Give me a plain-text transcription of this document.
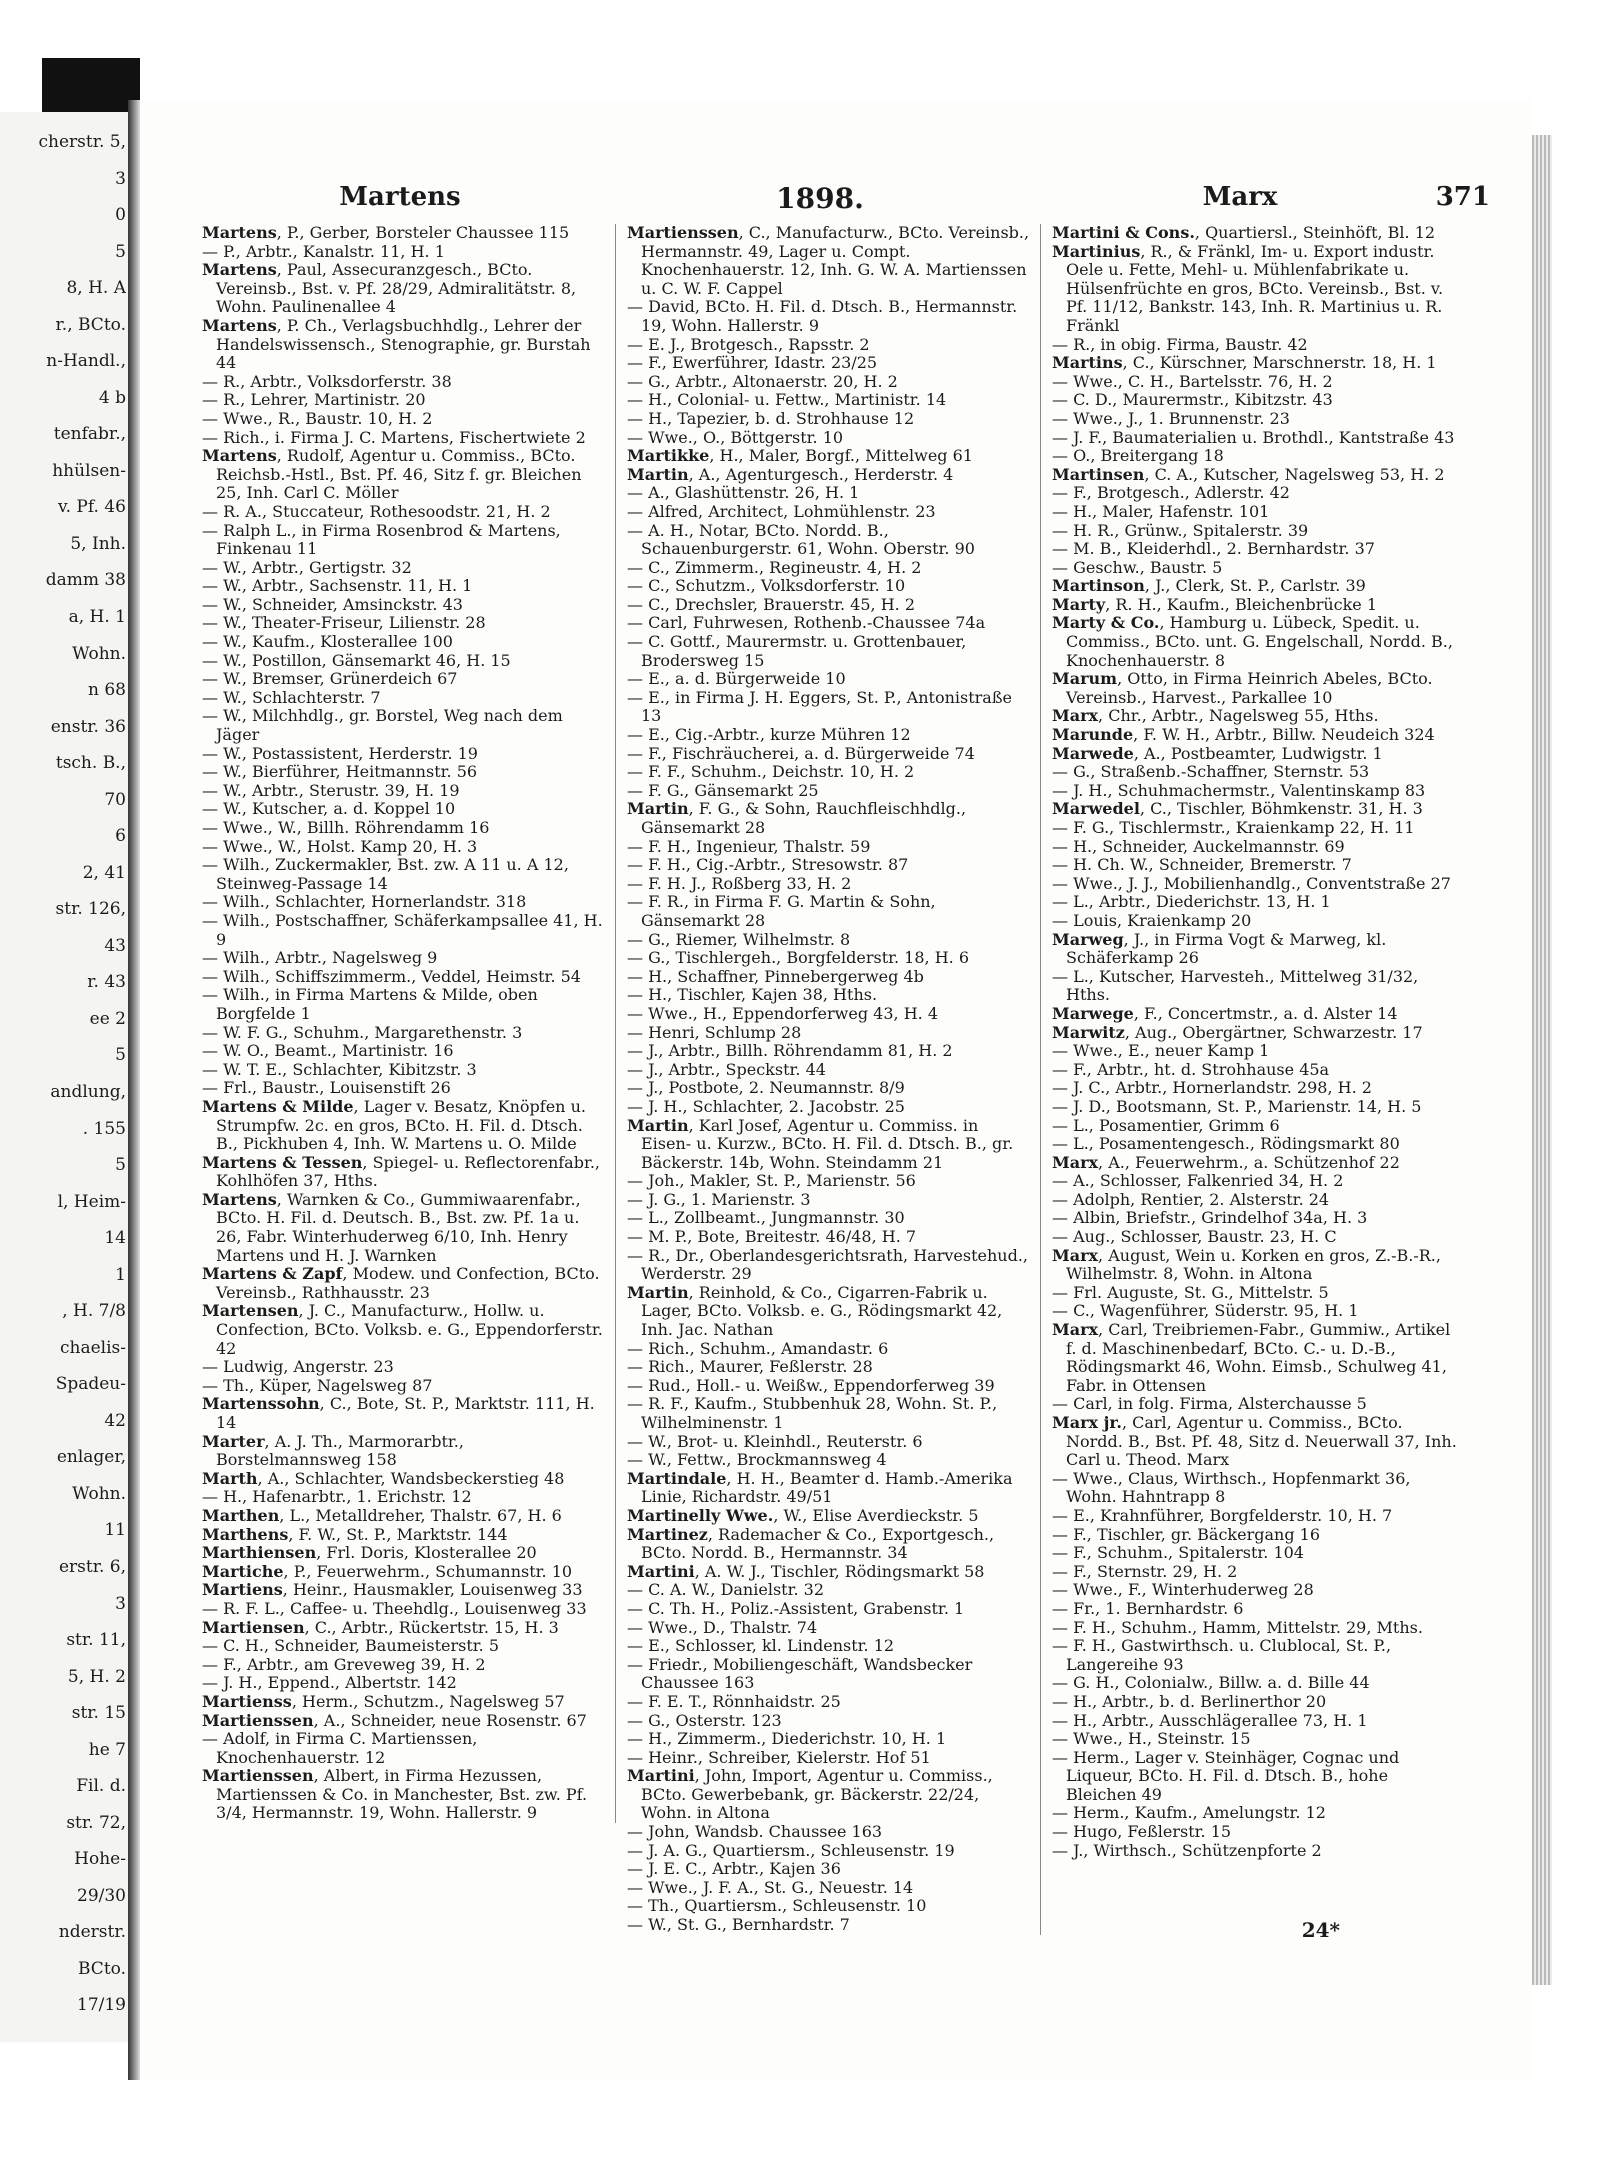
cherstr. 5,
3
0
5
8, H. A
r., BCto.
n-Handl.,
4 b
tenfabr.,
hhülsen-
v. Pf. 46
5, Inh.
damm 38
a, H. 1
Wohn.
n 68
enstr. 36
tsch. B.,
70
6
2, 41
str. 126,
43
r. 43
ee 2
5
andlung,
. 155
5
l, Heim-
14
1
, H. 7/8
chaelis-
Spadeu-
42
enlager,
Wohn.
11
erstr. 6,
3
str. 11,
5, H. 2
str. 15
he 7
Fil. d.
str. 72,
Hohe-
29/30
nderstr.
BCto.
17/19
Martens	1898.	Marx	371

Martens, P., Gerber, Borsteler Chaussee 115

— P., Arbtr., Kanalstr. 11, H. 1

Martens, Paul, Assecuranzgesch., BCto. Vereinsb., Bst. v. Pf. 28/29, Admiralitätstr. 8, Wohn. Paulinenallee 4

Martens, P. Ch., Verlagsbuchhdlg., Lehrer der Handelswissensch., Stenographie, gr. Burstah 44

— R., Arbtr., Volksdorferstr. 38

— R., Lehrer, Martinistr. 20

— Wwe., R., Baustr. 10, H. 2

— Rich., i. Firma J. C. Martens, Fischertwiete 2

Martens, Rudolf, Agentur u. Commiss., BCto. Reichsb.-Hstl., Bst. Pf. 46, Sitz f. gr. Bleichen 25, Inh. Carl C. Möller

— R. A., Stuccateur, Rothesoodstr. 21, H. 2

— Ralph L., in Firma Rosenbrod & Martens, Finkenau 11

— W., Arbtr., Gertigstr. 32

— W., Arbtr., Sachsenstr. 11, H. 1

— W., Schneider, Amsinckstr. 43

— W., Theater-Friseur, Lilienstr. 28

— W., Kaufm., Klosterallee 100

— W., Postillon, Gänsemarkt 46, H. 15

— W., Bremser, Grünerdeich 67

— W., Schlachterstr. 7

— W., Milchhdlg., gr. Borstel, Weg nach dem Jäger

— W., Postassistent, Herderstr. 19

— W., Bierführer, Heitmannstr. 56

— W., Arbtr., Sterustr. 39, H. 19

— W., Kutscher, a. d. Koppel 10

— Wwe., W., Billh. Röhrendamm 16

— Wwe., W., Holst. Kamp 20, H. 3

— Wilh., Zuckermakler, Bst. zw. A 11 u. A 12, Steinweg-Passage 14

— Wilh., Schlachter, Hornerlandstr. 318

— Wilh., Postschaffner, Schäferkampsallee 41, H. 9

— Wilh., Arbtr., Nagelsweg 9

— Wilh., Schiffszimmerm., Veddel, Heimstr. 54

— Wilh., in Firma Martens & Milde, oben Borgfelde 1

— W. F. G., Schuhm., Margarethenstr. 3

— W. O., Beamt., Martinistr. 16

— W. T. E., Schlachter, Kibitzstr. 3

— Frl., Baustr., Louisenstift 26

Martens & Milde, Lager v. Besatz, Knöpfen u. Strumpfw. 2c. en gros, BCto. H. Fil. d. Dtsch. B., Pickhuben 4, Inh. W. Martens u. O. Milde

Martens & Tessen, Spiegel- u. Reflectorenfabr., Kohlhöfen 37, Hths.

Martens, Warnken & Co., Gummiwaarenfabr., BCto. H. Fil. d. Deutsch. B., Bst. zw. Pf. 1a u. 26, Fabr. Winterhuderweg 6/10, Inh. Henry Martens und H. J. Warnken

Martens & Zapf, Modew. und Confection, BCto. Vereinsb., Rathhausstr. 23

Martensen, J. C., Manufacturw., Hollw. u. Confection, BCto. Volksb. e. G., Eppendorferstr. 42

— Ludwig, Angerstr. 23

— Th., Küper, Nagelsweg 87

Martenssohn, C., Bote, St. P., Marktstr. 111, H. 14

Marter, A. J. Th., Marmorarbtr., Borstelmannsweg 158

Marth, A., Schlachter, Wandsbeckerstieg 48

— H., Hafenarbtr., 1. Erichstr. 12

Marthen, L., Metalldreher, Thalstr. 67, H. 6

Marthens, F. W., St. P., Marktstr. 144

Marthiensen, Frl. Doris, Klosterallee 20

Martiche, P., Feuerwehrm., Schumannstr. 10

Martiens, Heinr., Hausmakler, Louisenweg 33

— R. F. L., Caffee- u. Theehdlg., Louisenweg 33

Martiensen, C., Arbtr., Rückertstr. 15, H. 3

— C. H., Schneider, Baumeisterstr. 5

— F., Arbtr., am Greveweg 39, H. 2

— J. H., Eppend., Albertstr. 142

Martienss, Herm., Schutzm., Nagelsweg 57

Martienssen, A., Schneider, neue Rosenstr. 67

— Adolf, in Firma C. Martienssen, Knochenhauerstr. 12

Martienssen, Albert, in Firma Hezussen, Martienssen & Co. in Manchester, Bst. zw. Pf. 3/4, Hermannstr. 19, Wohn. Hallerstr. 9

Martienssen, C., Manufacturw., BCto. Vereinsb., Hermannstr. 49, Lager u. Compt. Knochenhauerstr. 12, Inh. G. W. A. Martienssen u. C. W. F. Cappel

— David, BCto. H. Fil. d. Dtsch. B., Hermannstr. 19, Wohn. Hallerstr. 9

— E. J., Brotgesch., Rapsstr. 2

— F., Ewerführer, Idastr. 23/25

— G., Arbtr., Altonaerstr. 20, H. 2

— H., Colonial- u. Fettw., Martinistr. 14

— H., Tapezier, b. d. Strohhause 12

— Wwe., O., Böttgerstr. 10

Martikke, H., Maler, Borgf., Mittelweg 61

Martin, A., Agenturgesch., Herderstr. 4

— A., Glashüttenstr. 26, H. 1

— Alfred, Architect, Lohmühlenstr. 23

— A. H., Notar, BCto. Nordd. B., Schauenburgerstr. 61, Wohn. Oberstr. 90

— C., Zimmerm., Regineustr. 4, H. 2

— C., Schutzm., Volksdorferstr. 10

— C., Drechsler, Brauerstr. 45, H. 2

— Carl, Fuhrwesen, Rothenb.-Chaussee 74a

— C. Gottf., Maurermstr. u. Grottenbauer, Brodersweg 15

— E., a. d. Bürgerweide 10

— E., in Firma J. H. Eggers, St. P., Antonistraße 13

— E., Cig.-Arbtr., kurze Mühren 12

— F., Fischräucherei, a. d. Bürgerweide 74

— F. F., Schuhm., Deichstr. 10, H. 2

— F. G., Gänsemarkt 25

Martin, F. G., & Sohn, Rauchfleischhdlg., Gänsemarkt 28

— F. H., Ingenieur, Thalstr. 59

— F. H., Cig.-Arbtr., Stresowstr. 87

— F. H. J., Roßberg 33, H. 2

— F. R., in Firma F. G. Martin & Sohn, Gänsemarkt 28

— G., Riemer, Wilhelmstr. 8

— G., Tischlergeh., Borgfelderstr. 18, H. 6

— H., Schaffner, Pinnebergerweg 4b

— H., Tischler, Kajen 38, Hths.

— Wwe., H., Eppendorferweg 43, H. 4

— Henri, Schlump 28

— J., Arbtr., Billh. Röhrendamm 81, H. 2

— J., Arbtr., Speckstr. 44

— J., Postbote, 2. Neumannstr. 8/9

— J. H., Schlachter, 2. Jacobstr. 25

Martin, Karl Josef, Agentur u. Commiss. in Eisen- u. Kurzw., BCto. H. Fil. d. Dtsch. B., gr. Bäckerstr. 14b, Wohn. Steindamm 21

— Joh., Makler, St. P., Marienstr. 56

— J. G., 1. Marienstr. 3

— L., Zollbeamt., Jungmannstr. 30

— M. P., Bote, Breitestr. 46/48, H. 7

— R., Dr., Oberlandesgerichtsrath, Harvestehud., Werderstr. 29

Martin, Reinhold, & Co., Cigarren-Fabrik u. Lager, BCto. Volksb. e. G., Rödingsmarkt 42, Inh. Jac. Nathan

— Rich., Schuhm., Amandastr. 6

— Rich., Maurer, Feßlerstr. 28

— Rud., Holl.- u. Weißw., Eppendorferweg 39

— R. F., Kaufm., Stubbenhuk 28, Wohn. St. P., Wilhelminenstr. 1

— W., Brot- u. Kleinhdl., Reuterstr. 6

— W., Fettw., Brockmannsweg 4

Martindale, H. H., Beamter d. Hamb.-Amerika Linie, Richardstr. 49/51

Martinelly Wwe., W., Elise Averdieckstr. 5

Martinez, Rademacher & Co., Exportgesch., BCto. Nordd. B., Hermannstr. 34

Martini, A. W. J., Tischler, Rödingsmarkt 58

— C. A. W., Danielstr. 32

— C. Th. H., Poliz.-Assistent, Grabenstr. 1

— Wwe., D., Thalstr. 74

— E., Schlosser, kl. Lindenstr. 12

— Friedr., Mobiliengeschäft, Wandsbecker Chaussee 163

— F. E. T., Rönnhaidstr. 25

— G., Osterstr. 123

— H., Zimmerm., Diederichstr. 10, H. 1

— Heinr., Schreiber, Kielerstr. Hof 51

Martini, John, Import, Agentur u. Commiss., BCto. Gewerbebank, gr. Bäckerstr. 22/24, Wohn. in Altona

— John, Wandsb. Chaussee 163

— J. A. G., Quartiersm., Schleusenstr. 19

— J. E. C., Arbtr., Kajen 36

— Wwe., J. F. A., St. G., Neuestr. 14

— Th., Quartiersm., Schleusenstr. 10

— W., St. G., Bernhardstr. 7

Martini & Cons., Quartiersl., Steinhöft, Bl. 12

Martinius, R., & Fränkl, Im- u. Export industr. Oele u. Fette, Mehl- u. Mühlenfabrikate u. Hülsenfrüchte en gros, BCto. Vereinsb., Bst. v. Pf. 11/12, Bankstr. 143, Inh. R. Martinius u. R. Fränkl

— R., in obig. Firma, Baustr. 42

Martins, C., Kürschner, Marschnerstr. 18, H. 1

— Wwe., C. H., Bartelsstr. 76, H. 2

— C. D., Maurermstr., Kibitzstr. 43

— Wwe., J., 1. Brunnenstr. 23

— J. F., Baumaterialien u. Brothdl., Kantstraße 43

— O., Breitergang 18

Martinsen, C. A., Kutscher, Nagelsweg 53, H. 2

— F., Brotgesch., Adlerstr. 42

— H., Maler, Hafenstr. 101

— H. R., Grünw., Spitalerstr. 39

— M. B., Kleiderhdl., 2. Bernhardstr. 37

— Geschw., Baustr. 5

Martinson, J., Clerk, St. P., Carlstr. 39

Marty, R. H., Kaufm., Bleichenbrücke 1

Marty & Co., Hamburg u. Lübeck, Spedit. u. Commiss., BCto. unt. G. Engelschall, Nordd. B., Knochenhauerstr. 8

Marum, Otto, in Firma Heinrich Abeles, BCto. Vereinsb., Harvest., Parkallee 10

Marx, Chr., Arbtr., Nagelsweg 55, Hths.

Marunde, F. W. H., Arbtr., Billw. Neudeich 324

Marwede, A., Postbeamter, Ludwigstr. 1

— G., Straßenb.-Schaffner, Sternstr. 53

— J. H., Schuhmachermstr., Valentinskamp 83

Marwedel, C., Tischler, Böhmkenstr. 31, H. 3

— F. G., Tischlermstr., Kraienkamp 22, H. 11

— H., Schneider, Auckelmannstr. 69

— H. Ch. W., Schneider, Bremerstr. 7

— Wwe., J. J., Mobilienhandlg., Conventstraße 27

— L., Arbtr., Diederichstr. 13, H. 1

— Louis, Kraienkamp 20

Marweg, J., in Firma Vogt & Marweg, kl. Schäferkamp 26

— L., Kutscher, Harvesteh., Mittelweg 31/32, Hths.

Marwege, F., Concertmstr., a. d. Alster 14

Marwitz, Aug., Obergärtner, Schwarzestr. 17

— Wwe., E., neuer Kamp 1

— F., Arbtr., ht. d. Strohhause 45a

— J. C., Arbtr., Hornerlandstr. 298, H. 2

— J. D., Bootsmann, St. P., Marienstr. 14, H. 5

— L., Posamentier, Grimm 6

— L., Posamentengesch., Rödingsmarkt 80

Marx, A., Feuerwehrm., a. Schützenhof 22

— A., Schlosser, Falkenried 34, H. 2

— Adolph, Rentier, 2. Alsterstr. 24

— Albin, Briefstr., Grindelhof 34a, H. 3

— Aug., Schlosser, Baustr. 23, H. C

Marx, August, Wein u. Korken en gros, Z.-B.-R., Wilhelmstr. 8, Wohn. in Altona

— Frl. Auguste, St. G., Mittelstr. 5

— C., Wagenführer, Süderstr. 95, H. 1

Marx, Carl, Treibriemen-Fabr., Gummiw., Artikel f. d. Maschinenbedarf, BCto. C.- u. D.-B., Rödingsmarkt 46, Wohn. Eimsb., Schulweg 41, Fabr. in Ottensen

— Carl, in folg. Firma, Alsterchausse 5

Marx jr., Carl, Agentur u. Commiss., BCto. Nordd. B., Bst. Pf. 48, Sitz d. Neuerwall 37, Inh. Carl u. Theod. Marx

— Wwe., Claus, Wirthsch., Hopfenmarkt 36, Wohn. Hahntrapp 8

— E., Krahnführer, Borgfelderstr. 10, H. 7

— F., Tischler, gr. Bäckergang 16

— F., Schuhm., Spitalerstr. 104

— F., Sternstr. 29, H. 2

— Wwe., F., Winterhuderweg 28

— Fr., 1. Bernhardstr. 6

— F. H., Schuhm., Hamm, Mittelstr. 29, Mths.

— F. H., Gastwirthsch. u. Clublocal, St. P., Langereihe 93

— G. H., Colonialw., Billw. a. d. Bille 44

— H., Arbtr., b. d. Berlinerthor 20

— H., Arbtr., Ausschlägerallee 73, H. 1

— Wwe., H., Steinstr. 15

— Herm., Lager v. Steinhäger, Cognac und Liqueur, BCto. H. Fil. d. Dtsch. B., hohe Bleichen 49

— Herm., Kaufm., Amelungstr. 12

— Hugo, Feßlerstr. 15

— J., Wirthsch., Schützenpforte 2

24*
